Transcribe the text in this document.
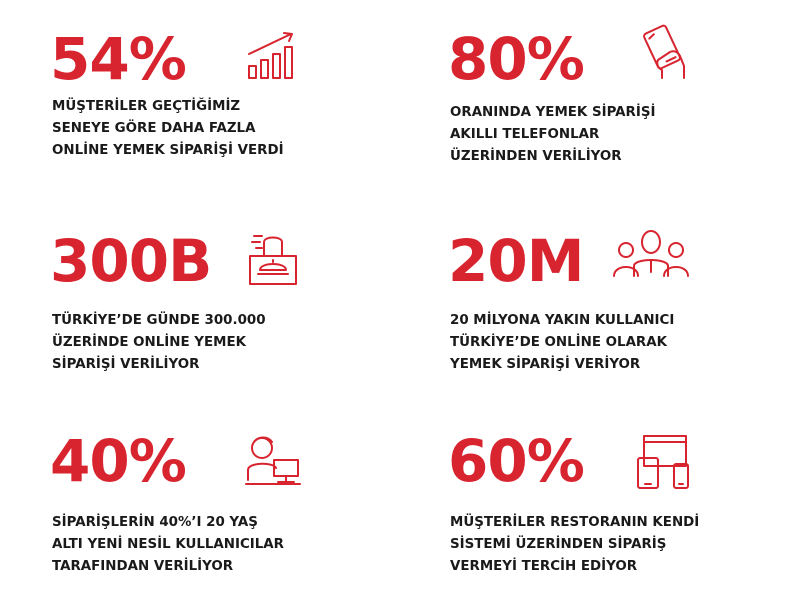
54%

MÜŞTERİLER GEÇTİĞİMİZ
SENEYE GÖRE DAHA FAZLA
ONLİNE YEMEK SİPARİŞİ VERDİ

80%

ORANINDA YEMEK SİPARİŞİ
AKILLI TELEFONLAR
ÜZERİNDEN VERİLİYOR

300B

TÜRKİYE’DE GÜNDE 300.000
ÜZERİNDE ONLİNE YEMEK
SİPARİŞİ VERİLİYOR

20M

20 MİLYONA YAKIN KULLANICI
TÜRKİYE’DE ONLİNE OLARAK
YEMEK SİPARİŞİ VERİYOR

40%

SİPARİŞLERİN 40%’I 20 YAŞ
ALTI YENİ NESİL KULLANICILAR
TARAFINDAN VERİLİYOR

60%

MÜŞTERİLER RESTORANIN KENDİ
SİSTEMİ ÜZERİNDEN SİPARİŞ
VERMEYİ TERCİH EDİYOR
